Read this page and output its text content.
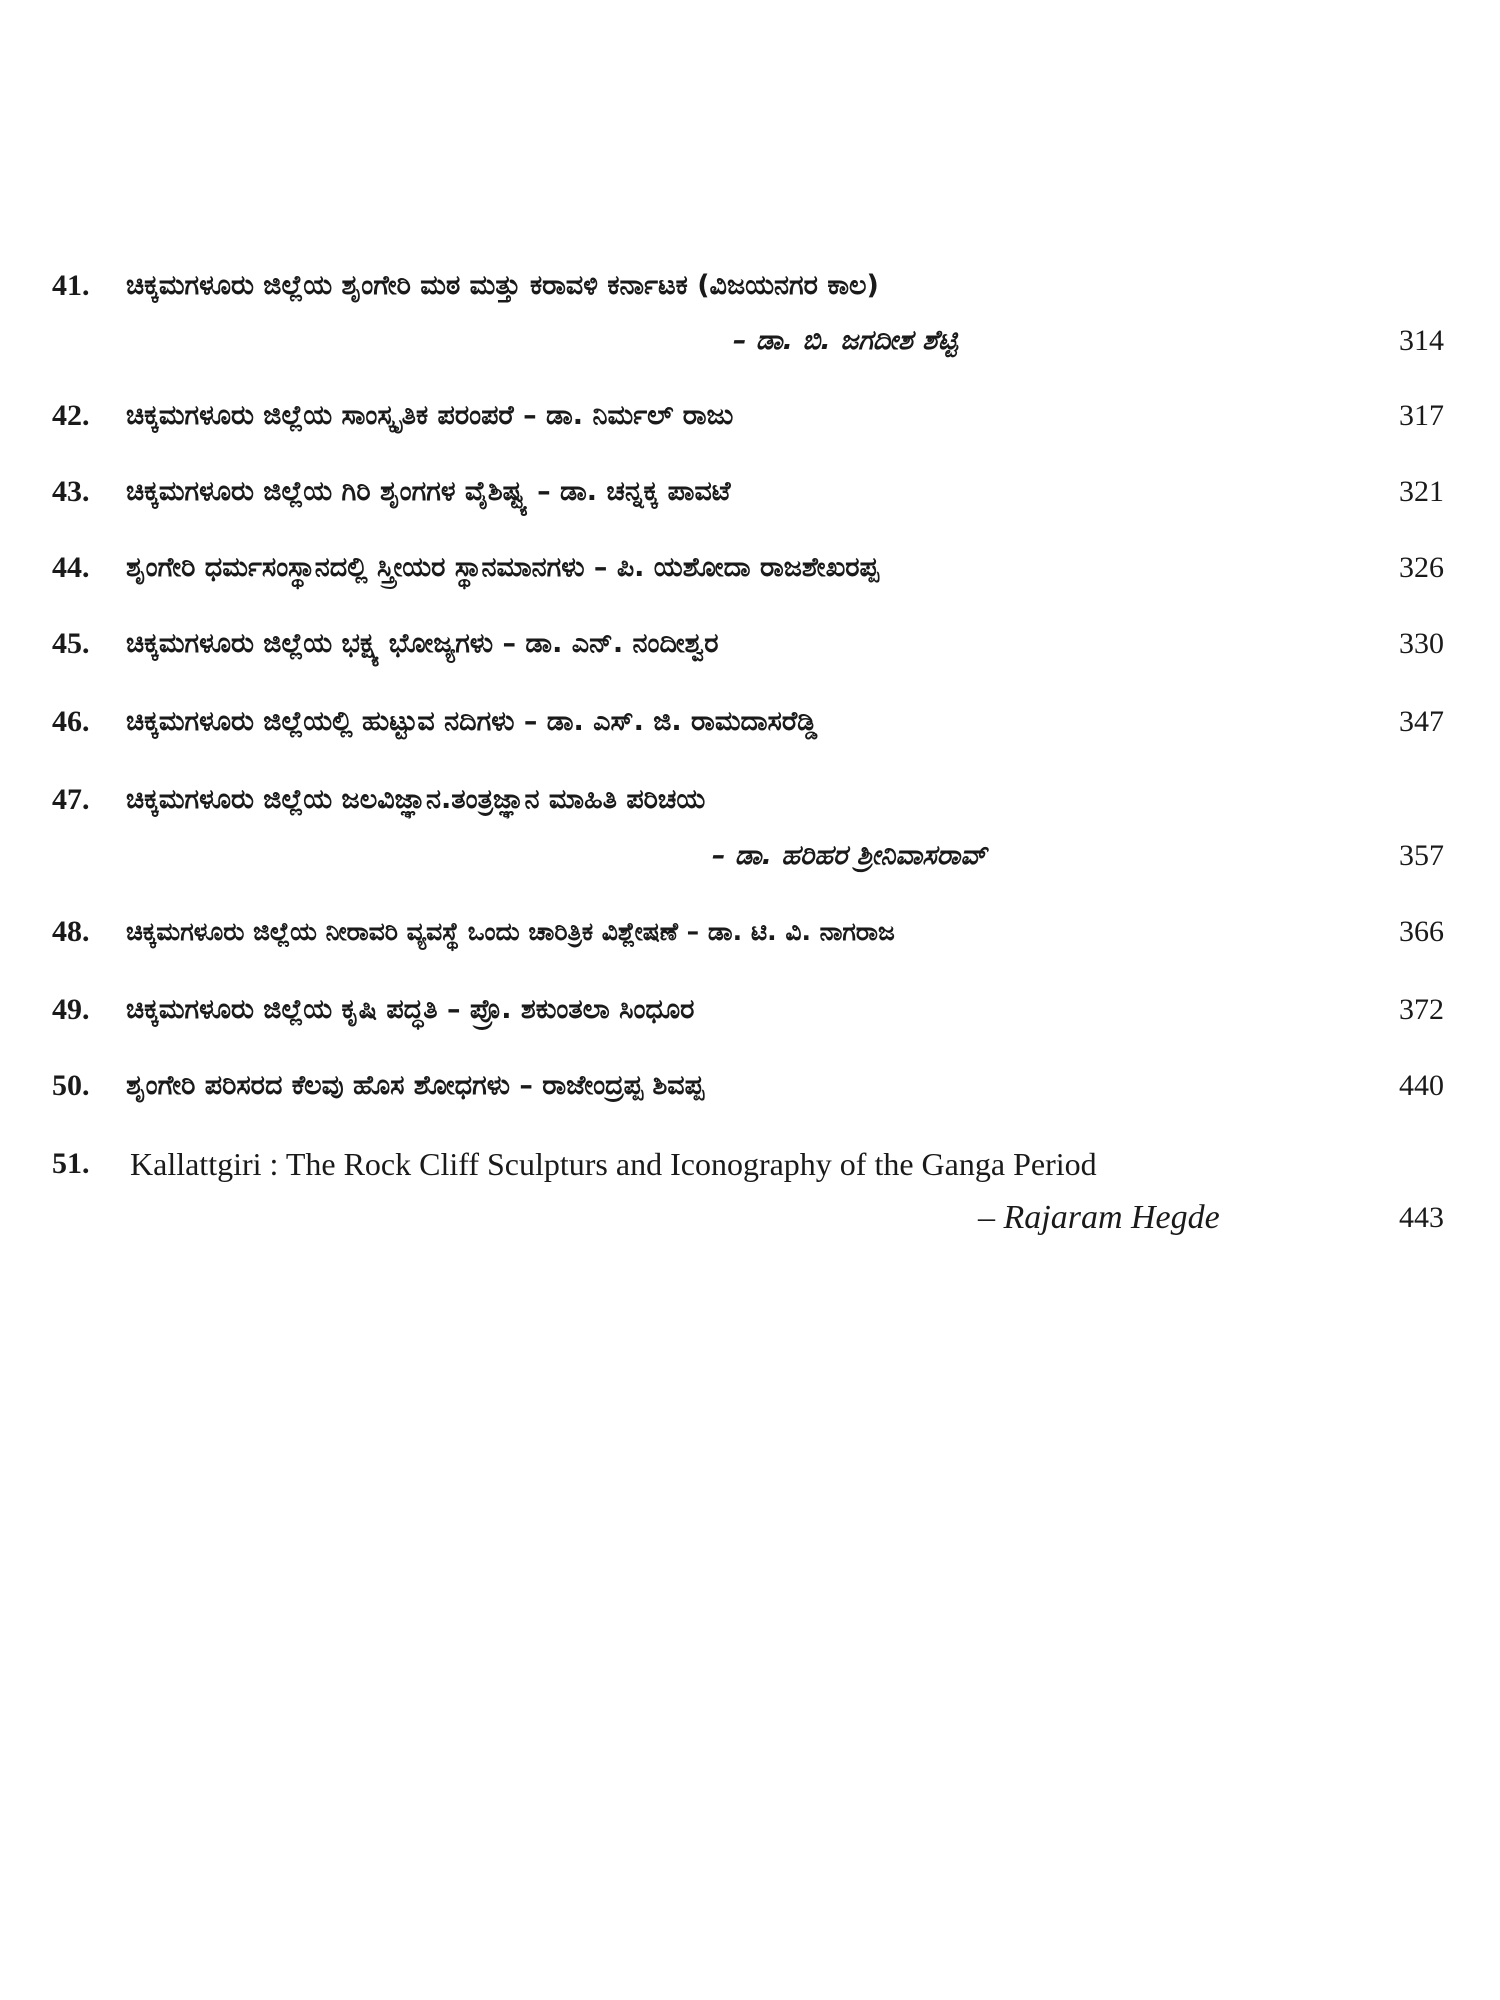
41. ಚಿಕ್ಕಮಗಳೂರು ಜಿಲ್ಲೆಯ ಶೃಂಗೇರಿ ಮಠ ಮತ್ತು ಕರಾವಳಿ ಕರ್ನಾಟಕ (ವಿಜಯನಗರ ಕಾಲ)
– ಡಾ. ಬಿ. ಜಗದೀಶ ಶೆಟ್ಟಿ	314
42. ಚಿಕ್ಕಮಗಳೂರು ಜಿಲ್ಲೆಯ ಸಾಂಸ್ಕೃತಿಕ ಪರಂಪರೆ – ಡಾ. ನಿರ್ಮಲ್ ರಾಜು	317
43. ಚಿಕ್ಕಮಗಳೂರು ಜಿಲ್ಲೆಯ ಗಿರಿ ಶೃಂಗಗಳ ವೈಶಿಷ್ಟ್ಯ – ಡಾ. ಚನ್ನಕ್ಕ ಪಾವಟೆ	321
44. ಶೃಂಗೇರಿ ಧರ್ಮಸಂಸ್ಥಾನದಲ್ಲಿ ಸ್ತ್ರೀಯರ ಸ್ಥಾನಮಾನಗಳು – ಪಿ. ಯಶೋದಾ ರಾಜಶೇಖರಪ್ಪ	326
45. ಚಿಕ್ಕಮಗಳೂರು ಜಿಲ್ಲೆಯ ಭಕ್ಷ್ಯ ಭೋಜ್ಯಗಳು – ಡಾ. ಎನ್. ನಂದೀಶ್ವರ	330
46. ಚಿಕ್ಕಮಗಳೂರು ಜಿಲ್ಲೆಯಲ್ಲಿ ಹುಟ್ಟುವ ನದಿಗಳು – ಡಾ. ಎಸ್. ಜಿ. ರಾಮದಾಸರೆಡ್ಡಿ	347
47. ಚಿಕ್ಕಮಗಳೂರು ಜಿಲ್ಲೆಯ ಜಲವಿಜ್ಞಾನ.ತಂತ್ರಜ್ಞಾನ ಮಾಹಿತಿ ಪರಿಚಯ
– ಡಾ. ಹರಿಹರ ಶ್ರೀನಿವಾಸರಾವ್	357
48. ಚಿಕ್ಕಮಗಳೂರು ಜಿಲ್ಲೆಯ ನೀರಾವರಿ ವ್ಯವಸ್ಥೆ ಒಂದು ಚಾರಿತ್ರಿಕ ವಿಶ್ಲೇಷಣೆ – ಡಾ. ಟಿ. ವಿ. ನಾಗರಾಜ	366
49. ಚಿಕ್ಕಮಗಳೂರು ಜಿಲ್ಲೆಯ ಕೃಷಿ ಪದ್ಧತಿ – ಪ್ರೊ. ಶಕುಂತಲಾ ಸಿಂಧೂರ	372
50. ಶೃಂಗೇರಿ ಪರಿಸರದ ಕೆಲವು ಹೊಸ ಶೋಧಗಳು – ರಾಜೇಂದ್ರಪ್ಪ ಶಿವಪ್ಪ	440
51. Kallattgiri : The Rock Cliff Sculpturs and Iconography of the Ganga Period
– Rajaram Hegde	443
